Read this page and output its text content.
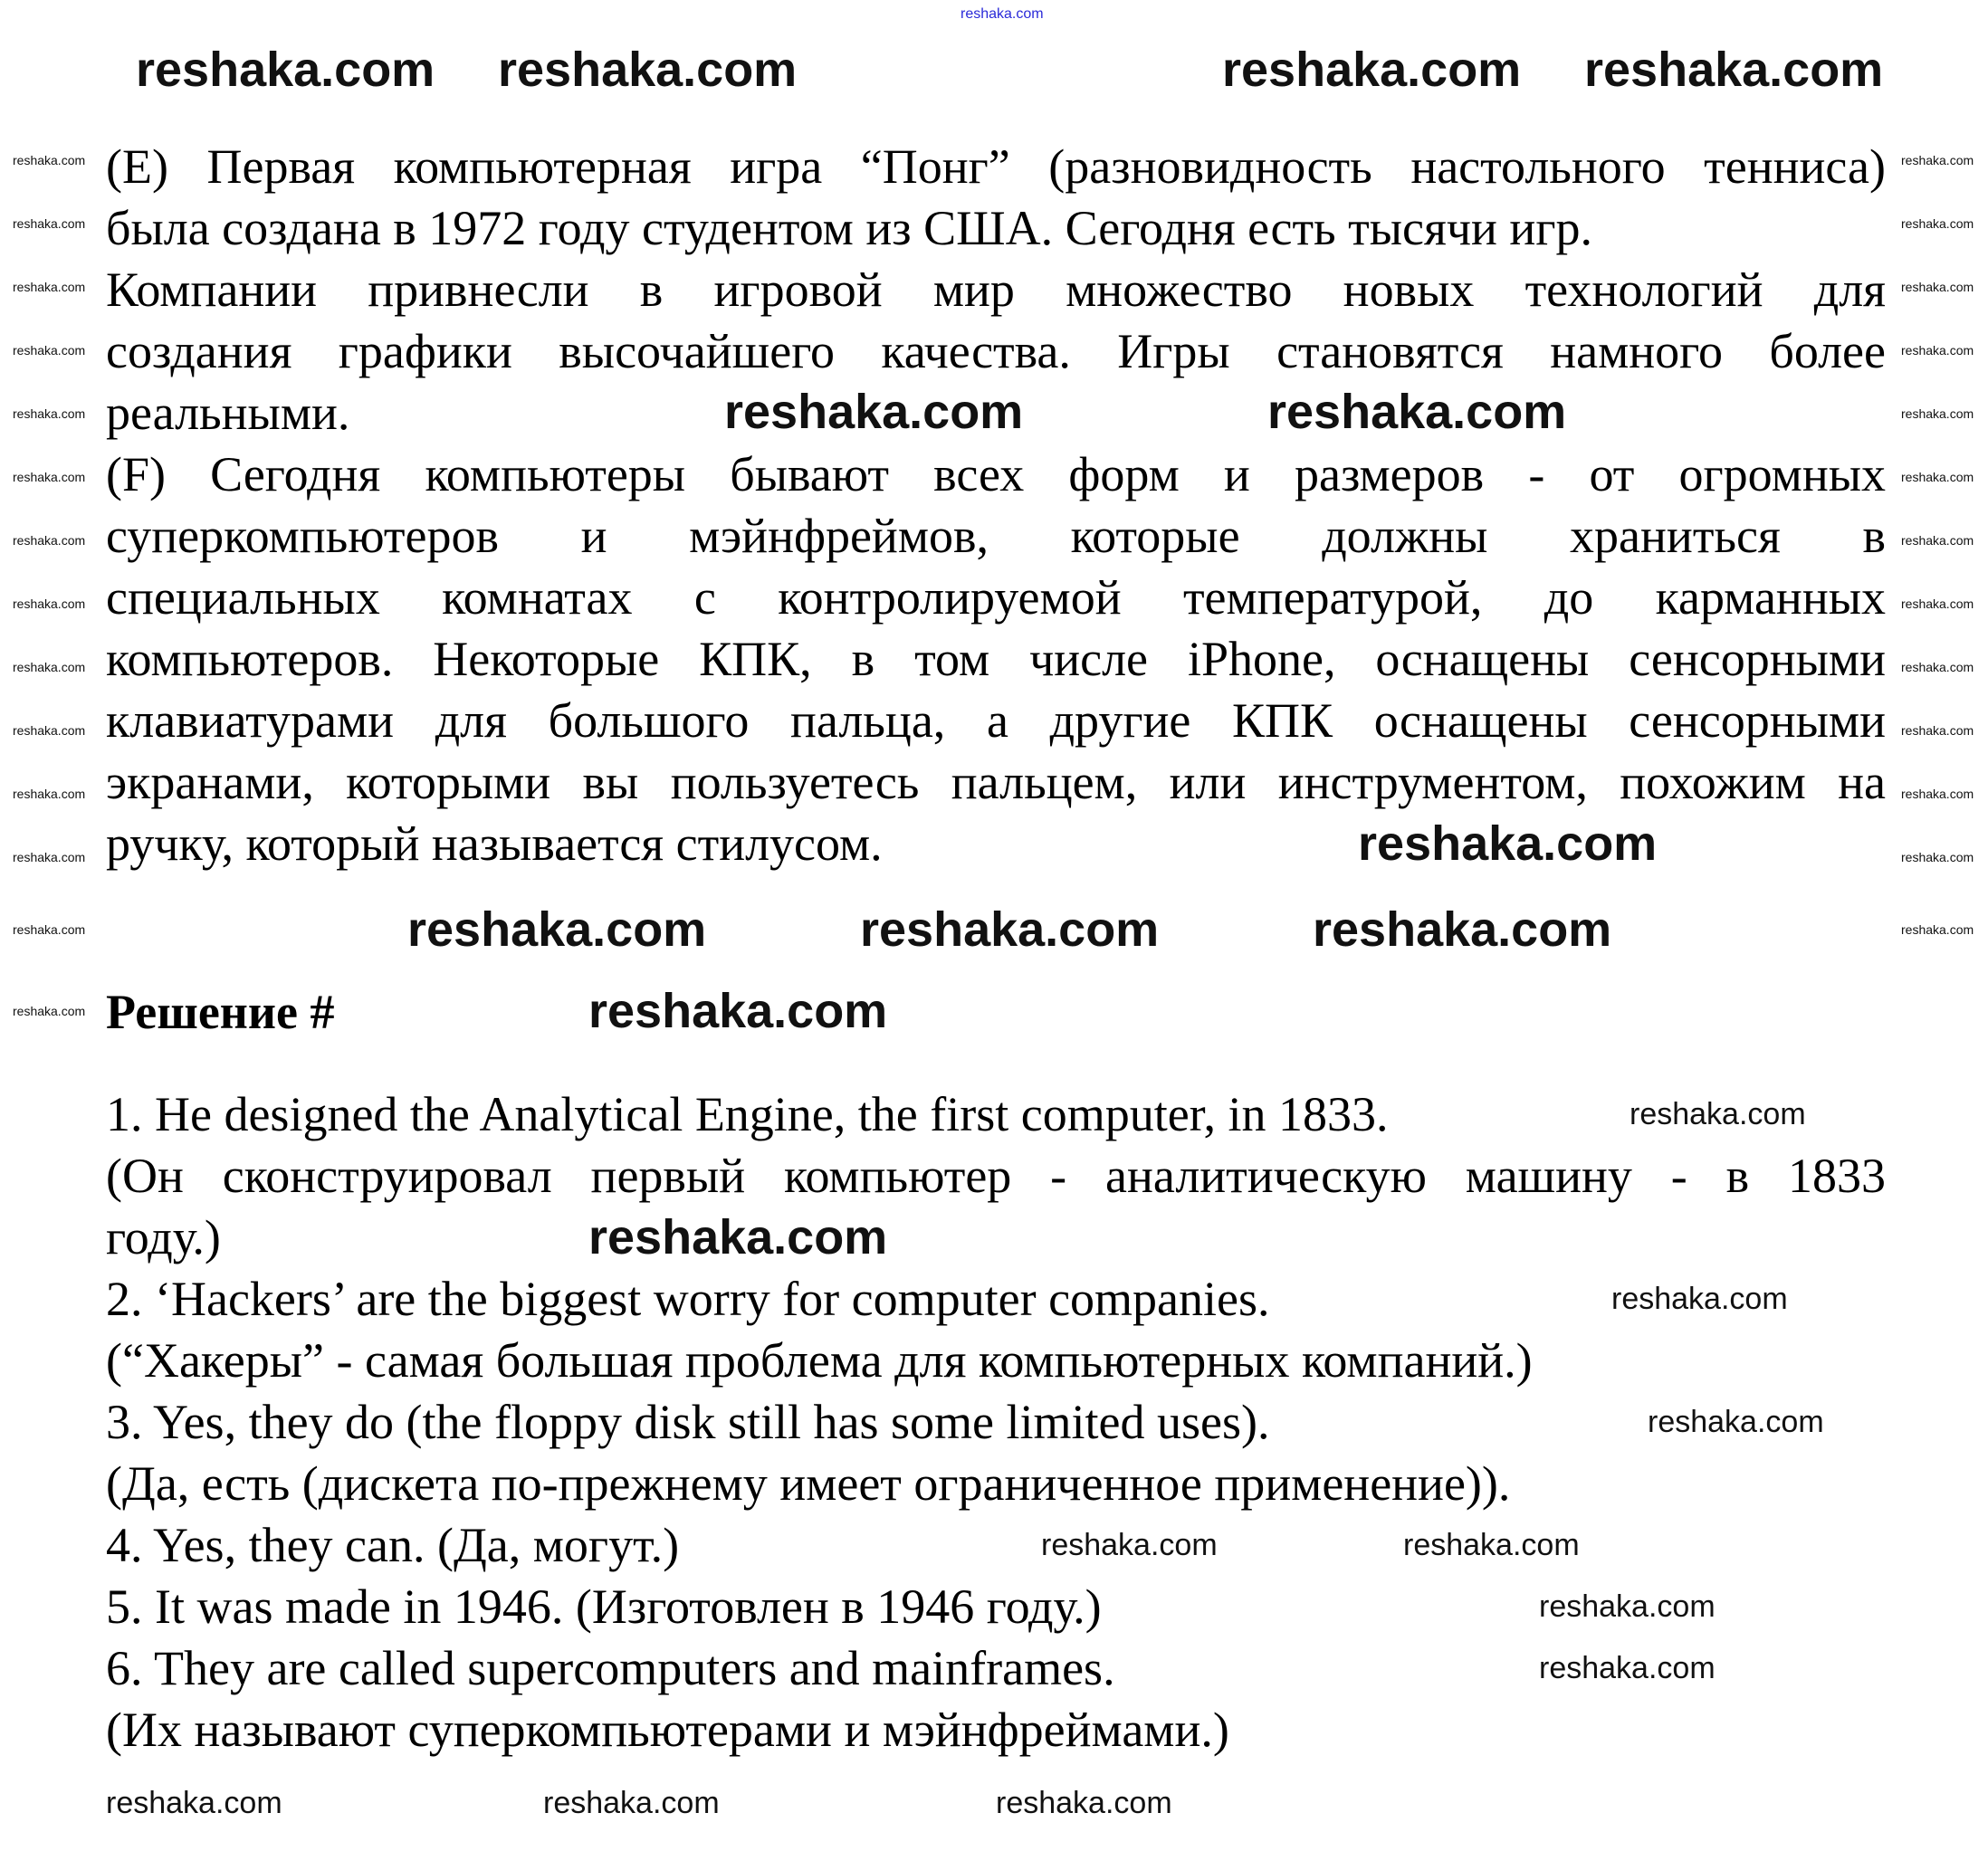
(E) Первая компьютерная игра “Понг” (разновидность настольного тенниса)
была создана в 1972 году студентом из США. Сегодня есть тысячи игр.
Компании привнесли в игровой мир множество новых технологий для
создания графики высочайшего качества. Игры становятся намного более
реальными.
(F) Сегодня компьютеры бывают всех форм и размеров - от огромных
суперкомпьютеров и мэйнфреймов, которые должны храниться в
специальных комнатах с контролируемой температурой, до карманных
компьютеров. Некоторые КПК, в том числе iPhone, оснащены сенсорными
клавиатурами для большого пальца, а другие КПК оснащены сенсорными
экранами, которыми вы пользуетесь пальцем, или инструментом, похожим на
ручку, который называется стилусом.
Решение #
1. He designed the Analytical Engine, the first computer, in 1833.
(Он сконструировал первый компьютер - аналитическую машину - в 1833
году.)
2. ‘Hackers’ are the biggest worry for computer companies.
(“Хакеры” - самая большая проблема для компьютерных компаний.)
3. Yes, they do (the floppy disk still has some limited uses).
(Да, есть (дискета по-прежнему имеет ограниченное применение)).
4. Yes, they can. (Да, могут.)
5. It was made in 1946. (Изготовлен в 1946 году.)
6. They are called supercomputers and mainframes.
(Их называют суперкомпьютерами и мэйнфреймами.)
reshaka.com
reshaka.com reshaka.com	reshaka.com reshaka.com
reshaka.com	reshaka.com
reshaka.com
reshaka.com	reshaka.com	reshaka.com
reshaka.com
reshaka.com
reshaka.com
reshaka.com
reshaka.com
reshaka.com	reshaka.com
reshaka.com
reshaka.com
reshaka.com	reshaka.com	reshaka.com
reshaka.com
reshaka.com
reshaka.com
reshaka.com
reshaka.com
reshaka.com
reshaka.com
reshaka.com
reshaka.com
reshaka.com
reshaka.com
reshaka.com
reshaka.com
reshaka.com
reshaka.com
reshaka.com
reshaka.com
reshaka.com
reshaka.com
reshaka.com
reshaka.com
reshaka.com
reshaka.com
reshaka.com
reshaka.com
reshaka.com
reshaka.com
